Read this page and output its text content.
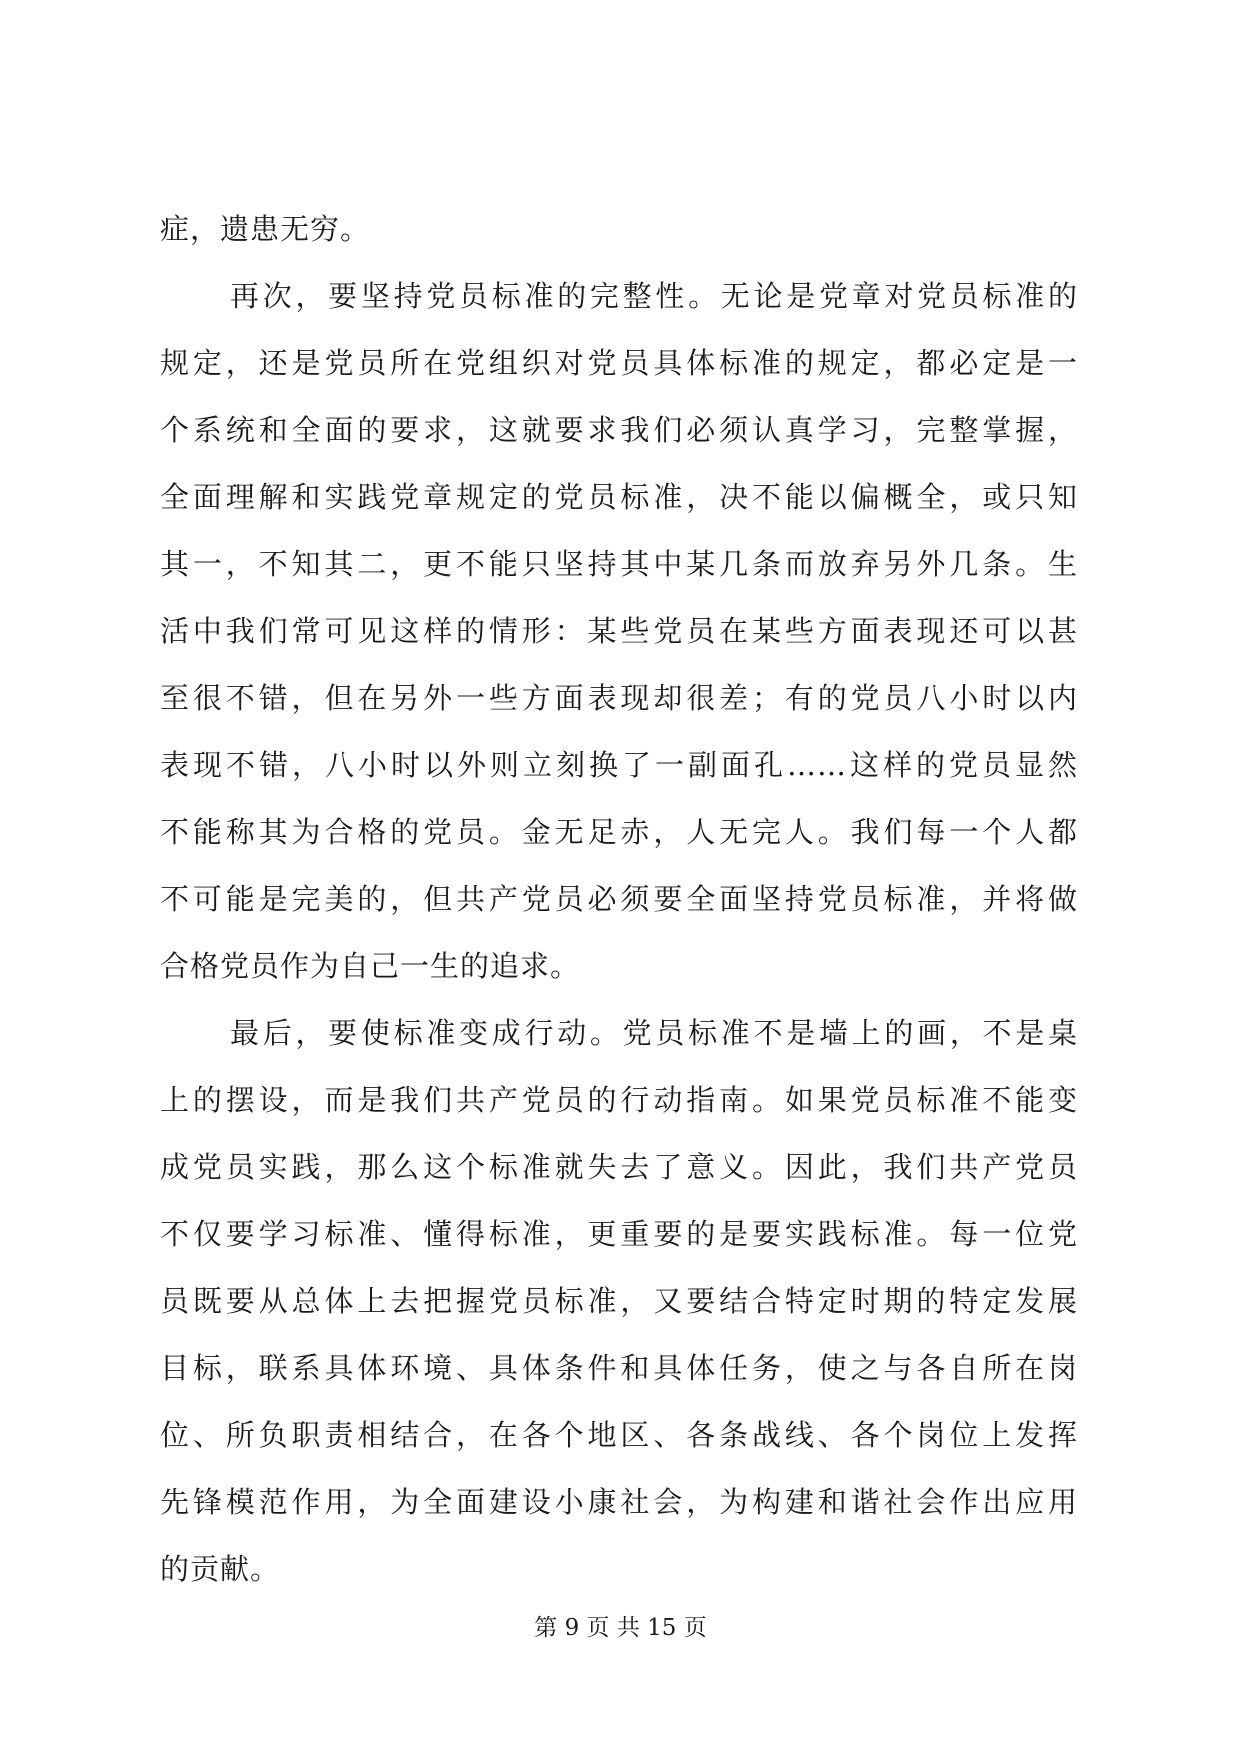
症，遗患无穷。
再次，要坚持党员标准的完整性。无论是党章对党员标准的
规定，还是党员所在党组织对党员具体标准的规定，都必定是一
个系统和全面的要求，这就要求我们必须认真学习，完整掌握，
全面理解和实践党章规定的党员标准，决不能以偏概全，或只知
其一，不知其二，更不能只坚持其中某几条而放弃另外几条。生
活中我们常可见这样的情形：某些党员在某些方面表现还可以甚
至很不错，但在另外一些方面表现却很差；有的党员八小时以内
表现不错，八小时以外则立刻换了一副面孔……这样的党员显然
不能称其为合格的党员。金无足赤，人无完人。我们每一个人都
不可能是完美的，但共产党员必须要全面坚持党员标准，并将做
合格党员作为自己一生的追求。
最后，要使标准变成行动。党员标准不是墙上的画，不是桌
上的摆设，而是我们共产党员的行动指南。如果党员标准不能变
成党员实践，那么这个标准就失去了意义。因此，我们共产党员
不仅要学习标准、懂得标准，更重要的是要实践标准。每一位党
员既要从总体上去把握党员标准，又要结合特定时期的特定发展
目标，联系具体环境、具体条件和具体任务，使之与各自所在岗
位、所负职责相结合，在各个地区、各条战线、各个岗位上发挥
先锋模范作用，为全面建设小康社会，为构建和谐社会作出应用
的贡献。
第 9 页 共 15 页
